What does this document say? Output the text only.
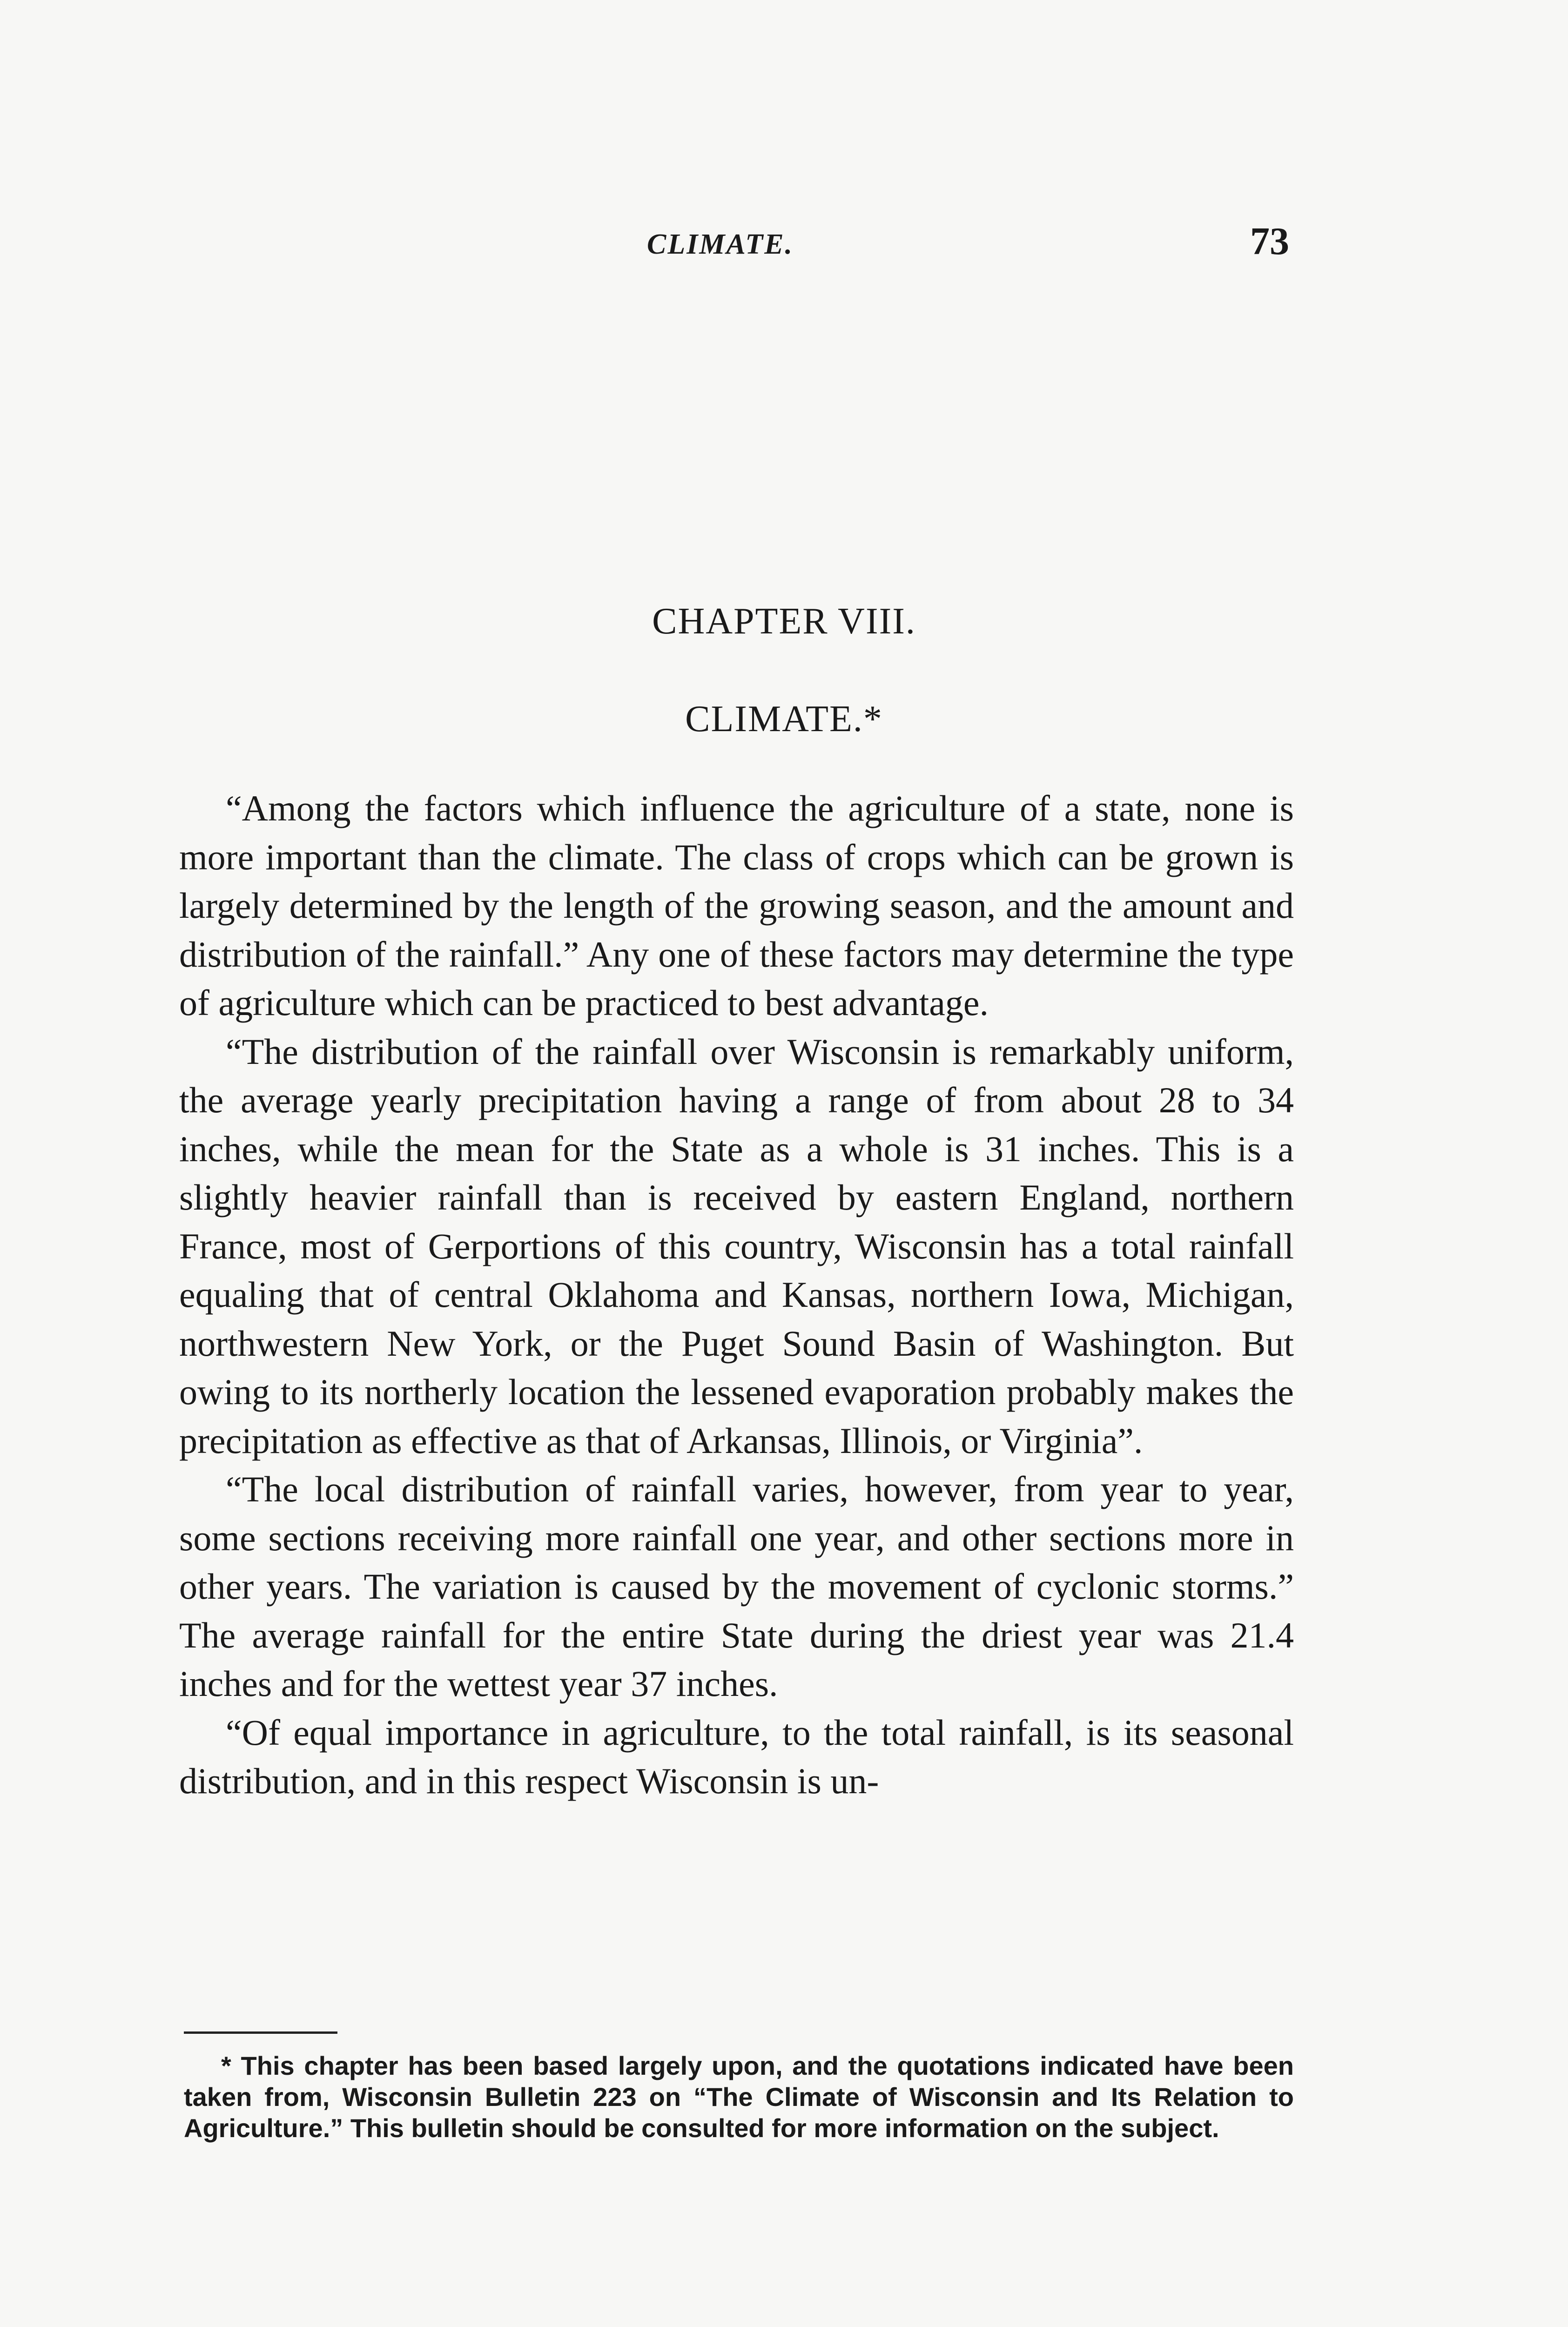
CLIMATE.	73
CHAPTER VIII.
CLIMATE.*

“Among the factors which influence the agriculture of a state, none is more important than the climate. The class of crops which can be grown is largely determined by the length of the growing season, and the amount and distribution of the rainfall.” Any one of these factors may determine the type of agriculture which can be practiced to best advantage.

“The distribution of the rainfall over Wisconsin is remarkably uniform, the average yearly precipitation having a range of from about 28 to 34 inches, while the mean for the State as a whole is 31 inches. This is a slightly heavier rainfall than is received by eastern England, northern France, most of Gerportions of this country, Wisconsin has a total rainfall equaling that of central Oklahoma and Kansas, northern Iowa, Michigan, northwestern New York, or the Puget Sound Basin of Washington. But owing to its northerly location the lessened evaporation probably makes the precipitation as effective as that of Arkansas, Illinois, or Virginia”.

“The local distribution of rainfall varies, however, from year to year, some sections receiving more rainfall one year, and other sections more in other years. The variation is caused by the movement of cyclonic storms.” The average rainfall for the entire State during the driest year was 21.4 inches and for the wettest year 37 inches.

“Of equal importance in agriculture, to the total rainfall, is its seasonal distribution, and in this respect Wisconsin is un-

* This chapter has been based largely upon, and the quotations indicated have been taken from, Wisconsin Bulletin 223 on “The Climate of Wisconsin and Its Relation to Agriculture.” This bulletin should be consulted for more information on the subject.
